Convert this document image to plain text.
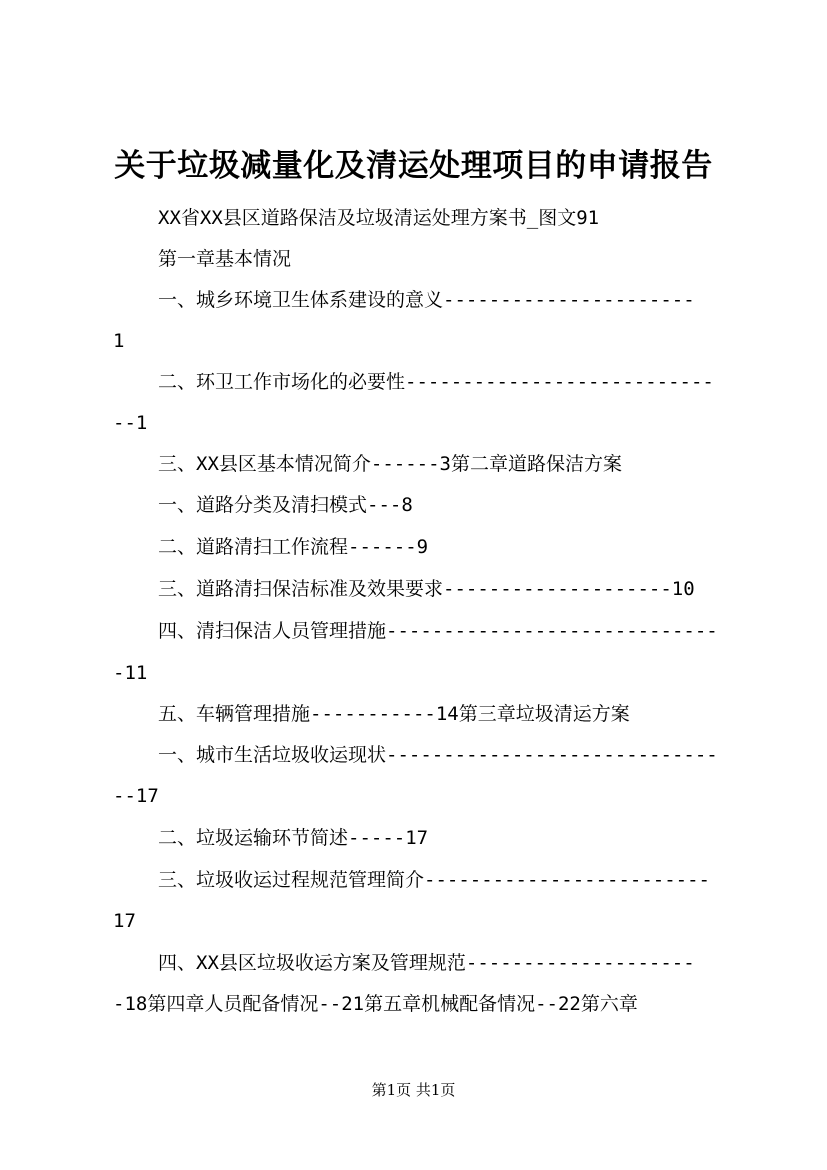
关于垃圾减量化及清运处理项目的申请报告
XX省XX县区道路保洁及垃圾清运处理方案书_图文91
第一章基本情况
一、城乡环境卫生体系建设的意义----------------------
1
二、环卫工作市场化的必要性---------------------------
--1
三、XX县区基本情况简介------3第二章道路保洁方案
一、道路分类及清扫模式---8
二、道路清扫工作流程------9
三、道路清扫保洁标准及效果要求--------------------10
四、清扫保洁人员管理措施-----------------------------
-11
五、车辆管理措施-----------14第三章垃圾清运方案
一、城市生活垃圾收运现状-----------------------------
--17
二、垃圾运输环节简述-----17
三、垃圾收运过程规范管理简介-------------------------
17
四、XX县区垃圾收运方案及管理规范--------------------
-18第四章人员配备情况--21第五章机械配备情况--22第六章
第1页 共1页
